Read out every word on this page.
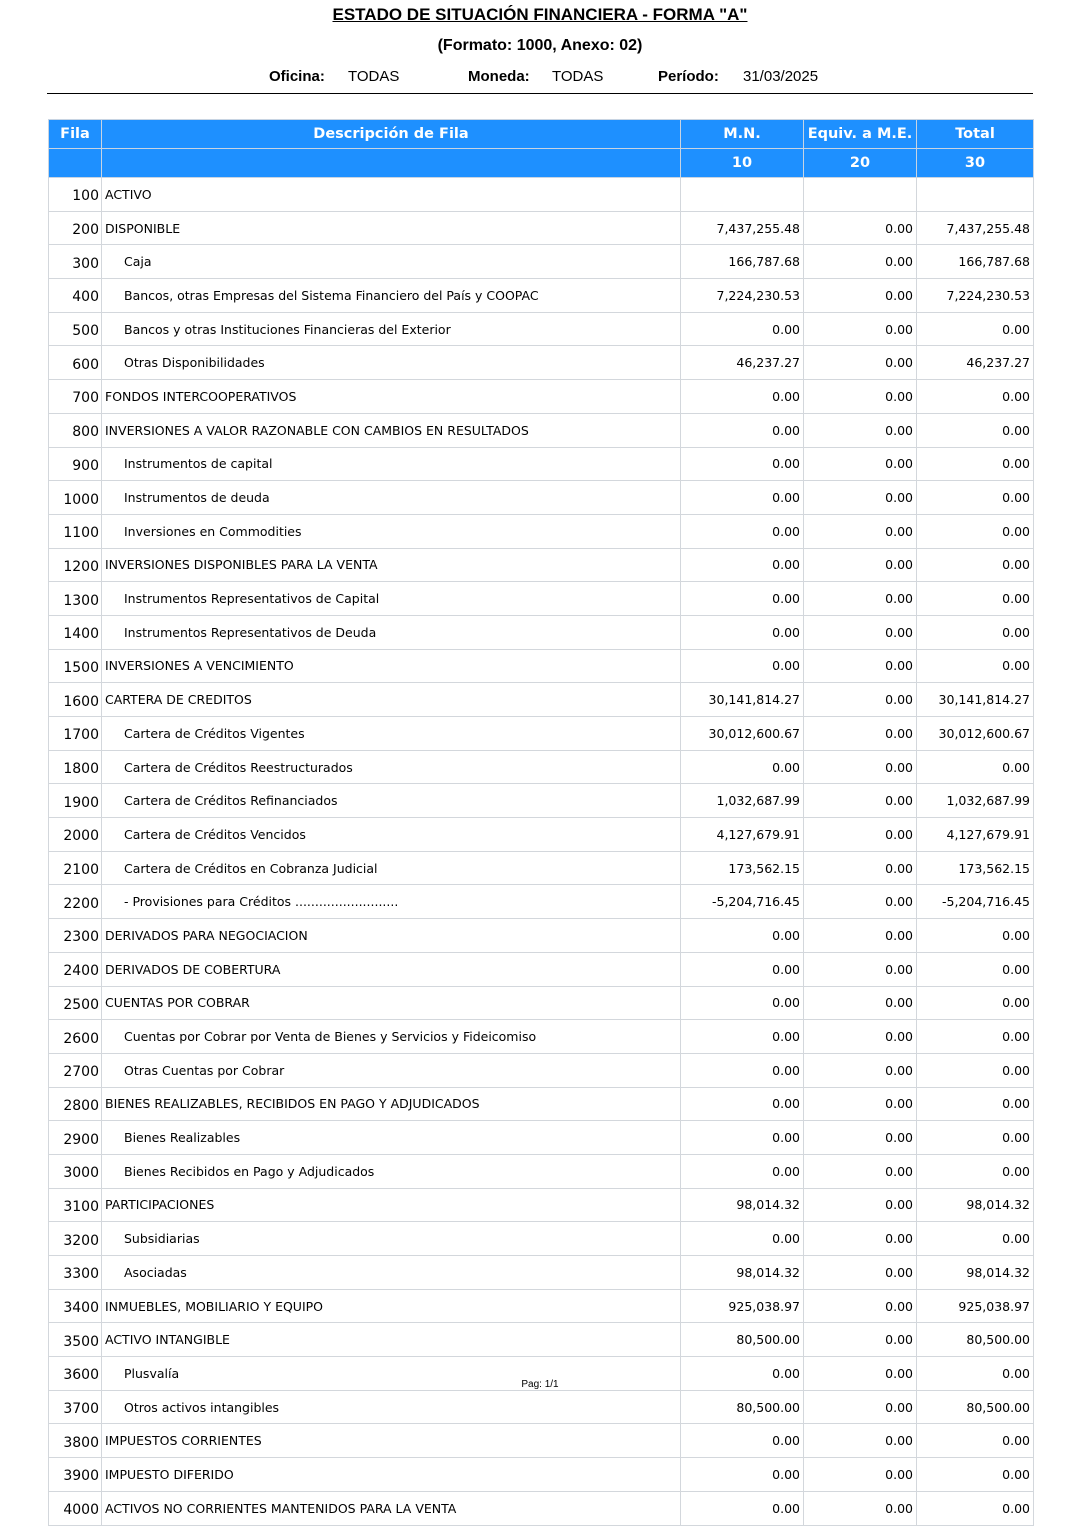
ESTADO DE SITUACIÓN FINANCIERA - FORMA "A"
(Formato: 1000, Anexo: 02)
Oficina: TODAS	Moneda: TODAS	Período: 31/03/2025
Fila	Descripción de Fila	M.N.	Equiv. a M.E.	Total
		10	20	30
100	ACTIVO			
200	DISPONIBLE	7,437,255.48	0.00	7,437,255.48
300	Caja	166,787.68	0.00	166,787.68
400	Bancos, otras Empresas del Sistema Financiero del País y COOPAC	7,224,230.53	0.00	7,224,230.53
500	Bancos y otras Instituciones Financieras del Exterior	0.00	0.00	0.00
600	Otras Disponibilidades	46,237.27	0.00	46,237.27
700	FONDOS INTERCOOPERATIVOS	0.00	0.00	0.00
800	INVERSIONES A VALOR RAZONABLE CON CAMBIOS EN RESULTADOS	0.00	0.00	0.00
900	Instrumentos de capital	0.00	0.00	0.00
1000	Instrumentos de deuda	0.00	0.00	0.00
1100	Inversiones en Commodities	0.00	0.00	0.00
1200	INVERSIONES DISPONIBLES PARA LA VENTA	0.00	0.00	0.00
1300	Instrumentos Representativos de Capital	0.00	0.00	0.00
1400	Instrumentos Representativos de Deuda	0.00	0.00	0.00
1500	INVERSIONES A VENCIMIENTO	0.00	0.00	0.00
1600	CARTERA DE CREDITOS	30,141,814.27	0.00	30,141,814.27
1700	Cartera de Créditos Vigentes	30,012,600.67	0.00	30,012,600.67
1800	Cartera de Créditos Reestructurados	0.00	0.00	0.00
1900	Cartera de Créditos Refinanciados	1,032,687.99	0.00	1,032,687.99
2000	Cartera de Créditos Vencidos	4,127,679.91	0.00	4,127,679.91
2100	Cartera de Créditos en Cobranza Judicial	173,562.15	0.00	173,562.15
2200	- Provisiones para Créditos ..........................	-5,204,716.45	0.00	-5,204,716.45
2300	DERIVADOS PARA NEGOCIACION	0.00	0.00	0.00
2400	DERIVADOS DE COBERTURA	0.00	0.00	0.00
2500	CUENTAS POR COBRAR	0.00	0.00	0.00
2600	Cuentas por Cobrar por Venta de Bienes y Servicios y Fideicomiso	0.00	0.00	0.00
2700	Otras Cuentas por Cobrar	0.00	0.00	0.00
2800	BIENES REALIZABLES, RECIBIDOS EN PAGO Y ADJUDICADOS	0.00	0.00	0.00
2900	Bienes Realizables	0.00	0.00	0.00
3000	Bienes Recibidos en Pago y Adjudicados	0.00	0.00	0.00
3100	PARTICIPACIONES	98,014.32	0.00	98,014.32
3200	Subsidiarias	0.00	0.00	0.00
3300	Asociadas	98,014.32	0.00	98,014.32
3400	INMUEBLES, MOBILIARIO Y EQUIPO	925,038.97	0.00	925,038.97
3500	ACTIVO INTANGIBLE	80,500.00	0.00	80,500.00
3600	Plusvalía	0.00	0.00	0.00
3700	Otros activos intangibles	80,500.00	0.00	80,500.00
3800	IMPUESTOS CORRIENTES	0.00	0.00	0.00
3900	IMPUESTO DIFERIDO	0.00	0.00	0.00
4000	ACTIVOS NO CORRIENTES MANTENIDOS PARA LA VENTA	0.00	0.00	0.00
Pag: 1/1
